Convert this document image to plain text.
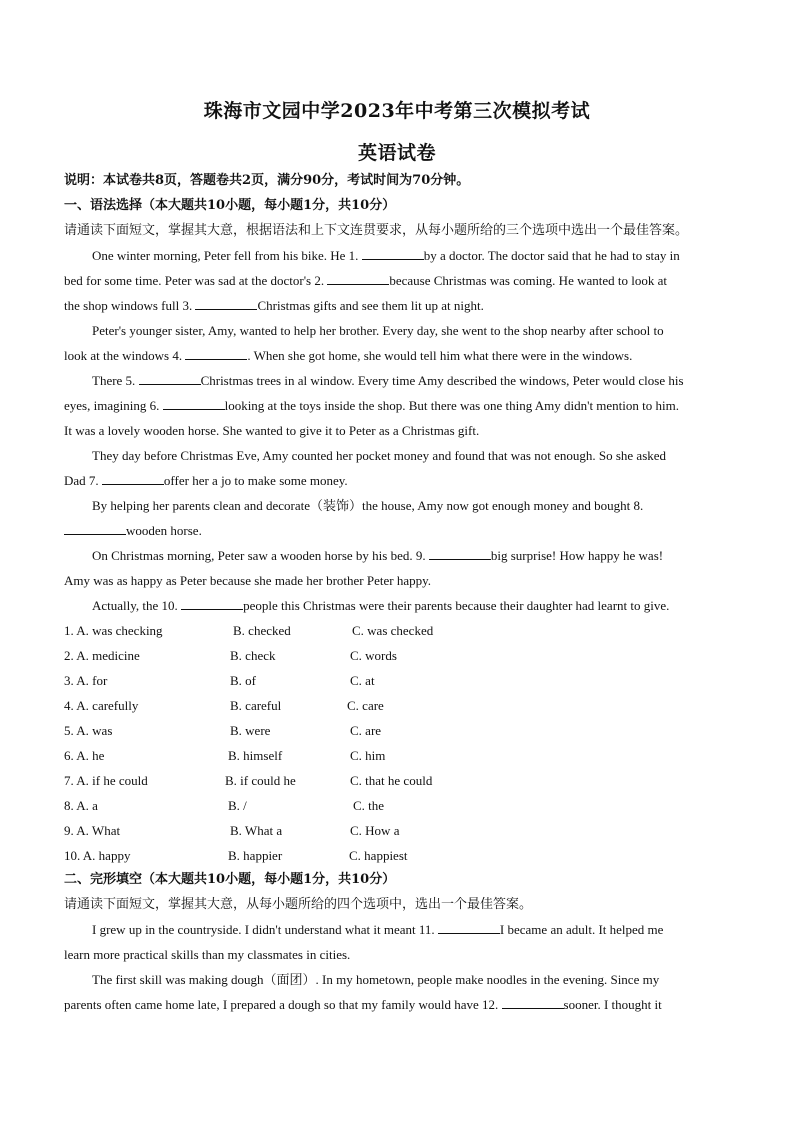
珠海市文园中学2023年中考第三次模拟考试
英语试卷
说明：本试卷共8页，答题卷共2页，满分90分，考试时间为70分钟。
一、语法选择（本大题共10小题，每小题1分，共10分）
请通读下面短文，掌握其大意，根据语法和上下文连贯要求，从每小题所给的三个选项中选出一个最佳答案。
One winter morning, Peter fell from his bike. He 1.	by a doctor. The doctor said that he had to stay in
bed for some time. Peter was sad at the doctor's 2.	because Christmas was coming. He wanted to look at
the shop windows full 3.	Christmas gifts and see them lit up at night.
Peter's younger sister, Amy, wanted to help her brother. Every day, she went to the shop nearby after school to
look at the windows 4.	. When she got home, she would tell him what there were in the windows.
There 5.	Christmas trees in al window. Every time Amy described the windows, Peter would close his
eyes, imagining 6.	looking at the toys inside the shop. But there was one thing Amy didn't mention to him.
It was a lovely wooden horse. She wanted to give it to Peter as a Christmas gift.
They day before Christmas Eve, Amy counted her pocket money and found that was not enough. So she asked
Dad 7.	offer her a jo to make some money.
By helping her parents clean and decorate（装饰）the house, Amy now got enough money and bought 8.
wooden horse.
On Christmas morning, Peter saw a wooden horse by his bed. 9.	big surprise! How happy he was!
Amy was as happy as Peter because she made her brother Peter happy.
Actually, the 10.	people this Christmas were their parents because their daughter had learnt to give.
1. A. was checking	B. checked	C. was checked
2. A. medicine	B. check	C. words
3. A. for	B. of	C. at
4. A. carefully	B. careful	C. care
5. A. was	B. were	C. are
6. A. he	B. himself	C. him
7. A. if he could	B. if could he	C. that he could
8. A. a	B. /	C. the
9. A. What	B. What a	C. How a
10. A. happy	B. happier	C. happiest
二、完形填空（本大题共10小题，每小题1分，共10分）
请通读下面短文，掌握其大意，从每小题所给的四个选项中，选出一个最佳答案。
I grew up in the countryside. I didn't understand what it meant 11.	I became an adult. It helped me
learn more practical skills than my classmates in cities.
The first skill was making dough（面团）. In my hometown, people make noodles in the evening. Since my
parents often came home late, I prepared a dough so that my family would have 12.	sooner. I thought it
